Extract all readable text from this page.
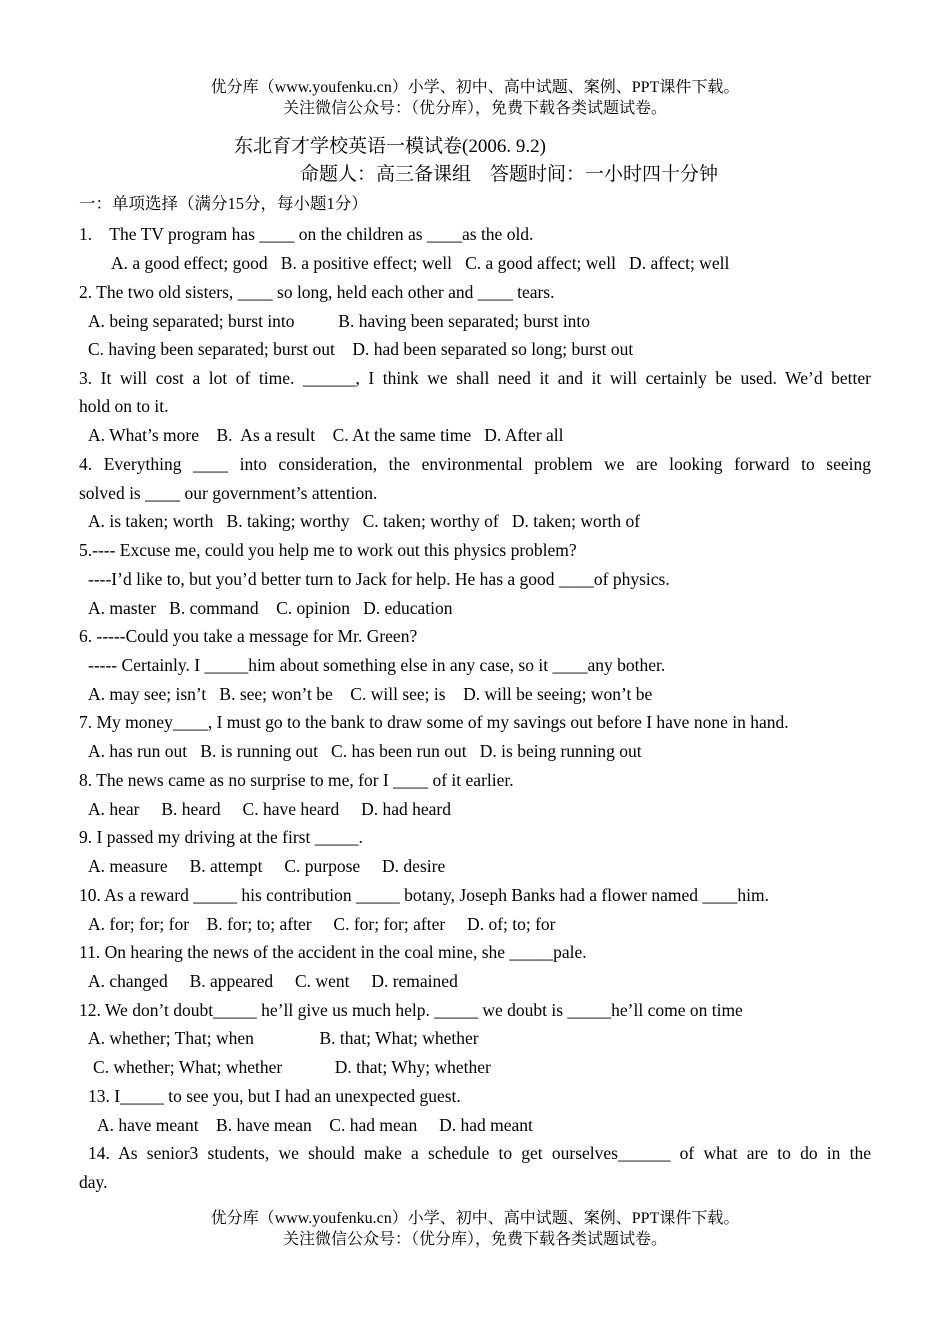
优分库（www.youfenku.cn）小学、初中、高中试题、案例、PPT课件下载。
关注微信公众号：（优分库），免费下载各类试题试卷。
东北育才学校英语一模试卷(2006. 9.2)
命题人：高三备课组    答题时间：一小时四十分钟
一：单项选择（满分15分，每小题1分）
1.    The TV program has ____ on the children as ____as the old.
A. a good effect; good   B. a positive effect; well   C. a good affect; well   D. affect; well
2. The two old sisters, ____ so long, held each other and ____ tears.
A. being separated; burst into          B. having been separated; burst into
C. having been separated; burst out    D. had been separated so long; burst out
3. It will cost a lot of time. ______, I think we shall need it and it will certainly be used. We’d better
hold on to it.
A. What’s more    B.  As a result    C. At the same time   D. After all
4. Everything ____ into consideration, the environmental problem we are looking forward to seeing
solved is ____ our government’s attention.
A. is taken; worth   B. taking; worthy   C. taken; worthy of   D. taken; worth of
5.---- Excuse me, could you help me to work out this physics problem?
----I’d like to, but you’d better turn to Jack for help. He has a good ____of physics.
A. master   B. command    C. opinion   D. education
6. -----Could you take a message for Mr. Green?
----- Certainly. I _____him about something else in any case, so it ____any bother.
A. may see; isn’t   B. see; won’t be    C. will see; is    D. will be seeing; won’t be
7. My money____, I must go to the bank to draw some of my savings out before I have none in hand.
A. has run out   B. is running out   C. has been run out   D. is being running out
8. The news came as no surprise to me, for I ____ of it earlier.
A. hear     B. heard     C. have heard     D. had heard
9. I passed my driving at the first _____.
A. measure     B. attempt     C. purpose     D. desire
10. As a reward _____ his contribution _____ botany, Joseph Banks had a flower named ____him.
A. for; for; for    B. for; to; after     C. for; for; after     D. of; to; for
11. On hearing the news of the accident in the coal mine, she _____pale.
A. changed     B. appeared     C. went     D. remained
12. We don’t doubt_____ he’ll give us much help. _____ we doubt is _____he’ll come on time
A. whether; That; when               B. that; What; whether
C. whether; What; whether            D. that; Why; whether
13. I_____ to see you, but I had an unexpected guest.
A. have meant    B. have mean    C. had mean     D. had meant
14. As senior3 students, we should make a schedule to get ourselves______ of what are to do in the
day.
优分库（www.youfenku.cn）小学、初中、高中试题、案例、PPT课件下载。
关注微信公众号：（优分库），免费下载各类试题试卷。
